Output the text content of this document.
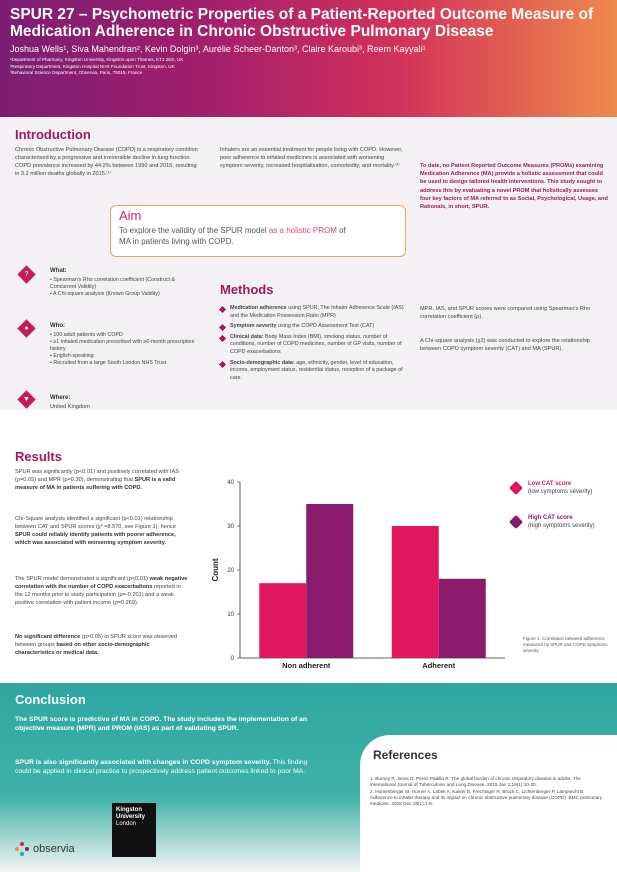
SPUR 27 – Psychometric Properties of a Patient-Reported Outcome Measure of Medication Adherence in Chronic Obstructive Pulmonary Disease
Joshua Wells¹, Siva Mahendran², Kevin Dolgin³, Aurélie Scheer-Danton³, Claire Karoubi³, Reem Kayyali¹
¹Department of Pharmacy, Kingston University, Kingston upon Thames, KT1 2EE, UK
²Respiratory Department, Kingston Hospital NHS Foundation Trust, Kingston, UK
³Behavioral Science Department, Observia, Paris, 75015, France
Introduction
Chronic Obstructive Pulmonary Disease (COPD) is a respiratory condition characterised by a progressive and irreversible decline in lung function. COPD prevalence increased by 44.2% between 1990 and 2015, resulting in 3.2 million deaths globally in 2015.⁽¹⁾
Inhalers are an essential treatment for people living with COPD. However, poor adherence to inhaled medicines is associated with worsening symptom severity, increased hospitalisation, comorbidity, and mortality.⁽²⁾	To date, no Patient Reported Outcome Measures (PROMs) examining Medication Adherence (MA) provide a holistic assessment that could be used to design tailored health interventions. This study sought to address this by evaluating a novel PROM that holistically assesses four key factors of MA referred to as Social, Psychological, Usage, and Rationals, in short, SPUR.
Aim
To explore the validity of the SPUR model as a holistic PROM of MA in patients living with COPD.
?	What:
• Spearman's Rho correlation coefficient (Construct & Concurrent Validity)
• A Chi-square analysis (Known Group Validity)
●	Who:
• 100 adult patients with COPD
• ≥1 inhaled medication prescribed with ≥6-month prescription history
• English-speaking
• Recruited from a large South London NHS Trust
▼	Where:
United Kingdom
Methods
Medication adherence using SPUR, The Inhaler Adherence Scale (IAS) and the Medication Possession Ratio (MPR)
Symptom severity using the COPD Assessment Test (CAT)
Clinical data: Body Mass Index (BMI), smoking status, number of conditions, number of COPD medicines, number of GP visits, number of COPD exacerbations
Socio-demographic data: age, ethnicity, gender, level of education, income, employment status, residential status, reception of a package of care.
MPR, IAS, and SPUR scores were compared using Spearman's Rho correlation coefficient (ρ).
A Chi-square analysis (χ2) was conducted to explore the relationship between COPD symptom severity (CAT) and MA (SPUR).
Results
SPUR was significantly (p<0.01) and positively correlated with IAS (ρ=0.65) and MPR (ρ=0.30), demonstrating that SPUR is a valid measure of MA in patients suffering with COPD.
Chi-Square analysis identified a significant (p<0.01) relationship between CAT and SPUR scores (χ² =8.570, see Figure 1); hence SPUR could reliably identify patients with poorer adherence, which was associated with worsening symptom severity.
The SPUR model demonstrated a significant (p<0.01) weak negative correlation with the number of COPD exacerbations reported in the 12 months prior to study participation (ρ=-0.201) and a weak positive correlation with patient income (ρ=0.269).
No significant difference (p>0.05) in SPUR score was observed between groups based on other socio-demographic characteristics or medical data.
0
10
20
30
40
Count
Non adherent	Adherent
Low CAT score
(low symptoms severity)
High CAT score
(high symptoms severity)
Figure 1. Correlation between adherence measured by SPUR and COPD symptoms severity.
Conclusion
The SPUR score is predictive of MA in COPD. The study includes the implementation of an objective measure (MPR) and PROM (IAS) as part of validating SPUR.
SPUR is also significantly associated with changes in COPD symptom severity. This finding could be applied in clinical practice to prospectively address patient outcomes linked to poor MA.
References
1. Burney P, Jarvis D, Perez-Padilla R. The global burden of chronic respiratory disease in adults. The International Journal of Tuberculosis and Lung Disease. 2015 Jan 1;19(1):10-20.
2. Humenberger M, Horner A, Labek A, Kaiser B, Frechinger R, Brock C, Lichtenberger P, Lamprecht B. Adherence to inhaler therapy and its impact on chronic obstructive pulmonary disease (COPD). BMC pulmonary medicine. 2018 Dec;18(1):1-6.
Kingston
University
London
observia
